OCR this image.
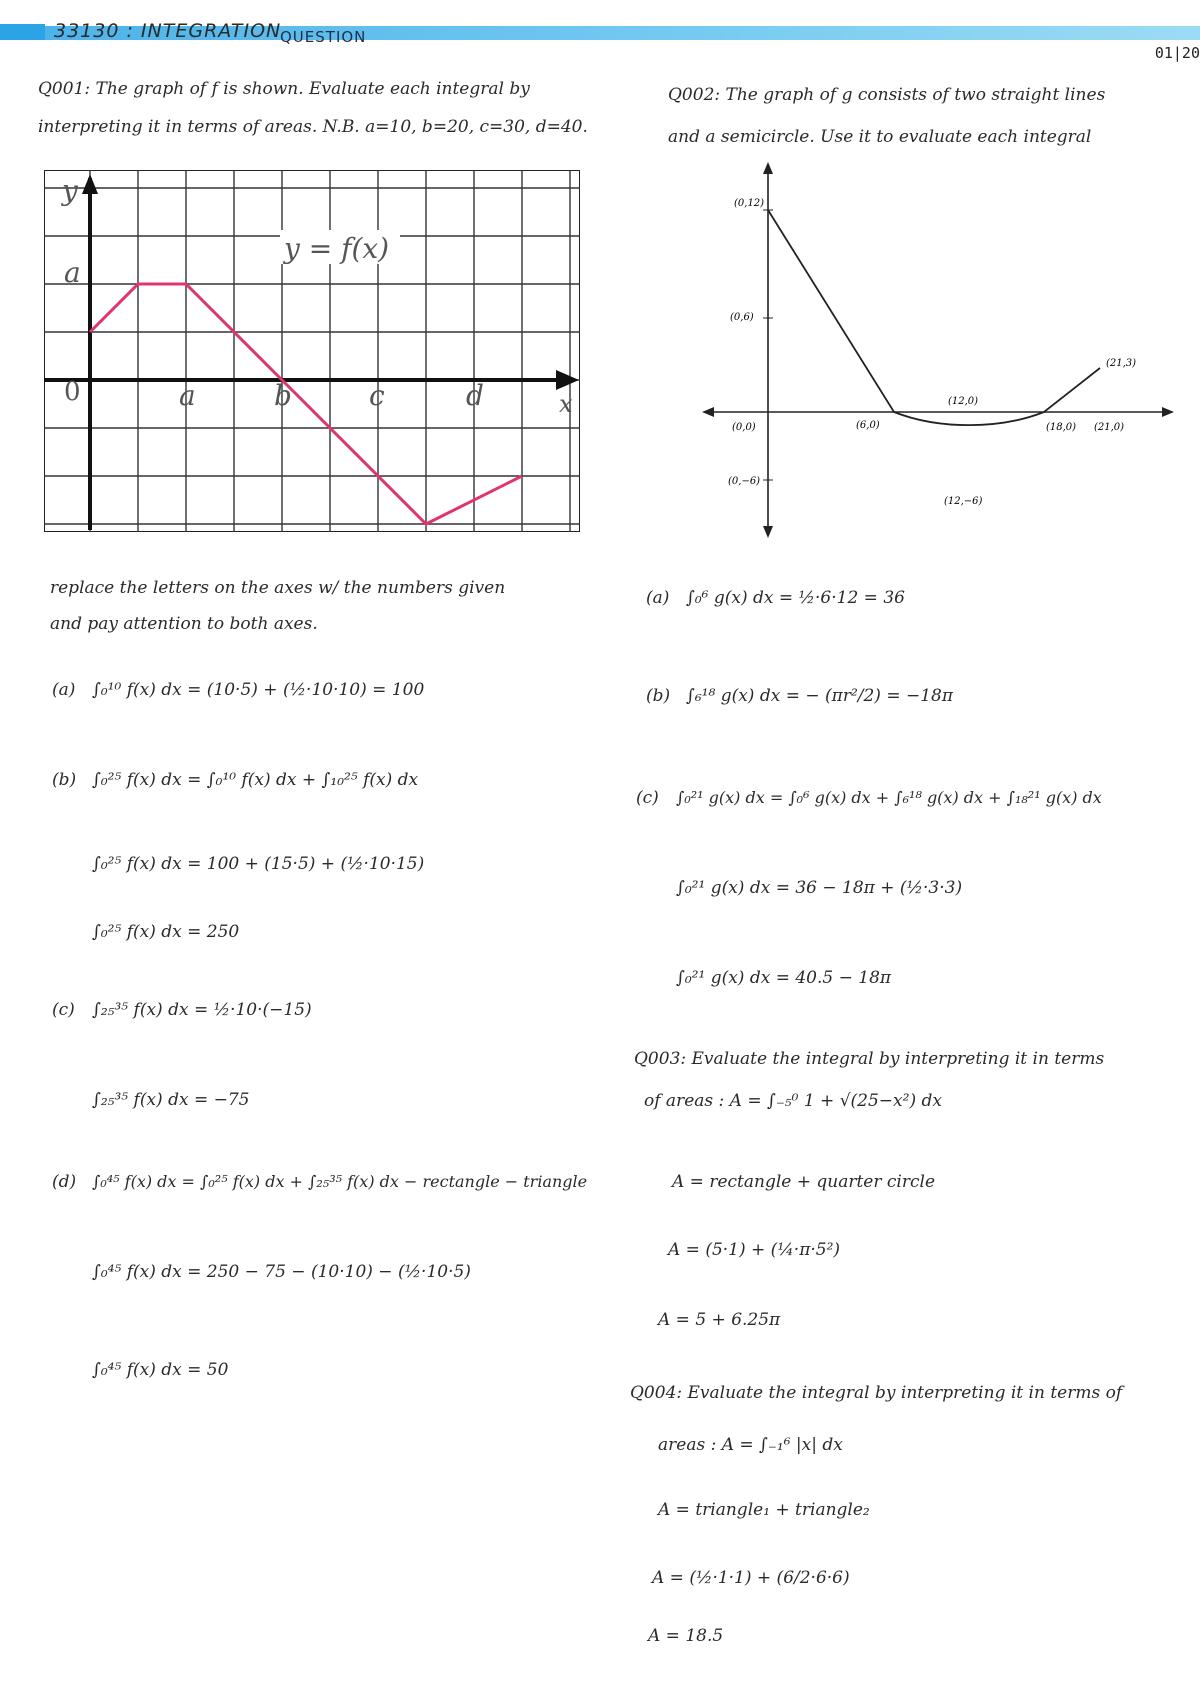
33130 : INTEGRATION
QUESTION
01|20
Q001: The graph of f is shown. Evaluate each integral by
interpreting it in terms of areas. N.B. a=10, b=20, c=30, d=40.
y
0	x
a
a	b	c	d
y = f(x)
replace the letters on the axes w/ the numbers given
and pay attention to both axes.
(a) ∫₀¹⁰ f(x) dx = (10·5) + (½·10·10) = 100
(b) ∫₀²⁵ f(x) dx = ∫₀¹⁰ f(x) dx + ∫₁₀²⁵ f(x) dx
∫₀²⁵ f(x) dx = 100 + (15·5) + (½·10·15)
∫₀²⁵ f(x) dx = 250
(c) ∫₂₅³⁵ f(x) dx = ½·10·(−15)
∫₂₅³⁵ f(x) dx = −75
(d) ∫₀⁴⁵ f(x) dx = ∫₀²⁵ f(x) dx + ∫₂₅³⁵ f(x) dx − rectangle − triangle
∫₀⁴⁵ f(x) dx = 250 − 75 − (10·10) − (½·10·5)
∫₀⁴⁵ f(x) dx = 50
Q002: The graph of g consists of two straight lines
and a semicircle. Use it to evaluate each integral
(0,12)
(0,6)
(0,0)
(0,−6)
(6,0)
(12,0)
(12,−6)
(18,0) (21,0)
(21,3)
(a) ∫₀⁶ g(x) dx = ½·6·12 = 36
(b) ∫₆¹⁸ g(x) dx = − (πr²/2) = −18π
(c) ∫₀²¹ g(x) dx = ∫₀⁶ g(x) dx + ∫₆¹⁸ g(x) dx + ∫₁₈²¹ g(x) dx
∫₀²¹ g(x) dx = 36 − 18π + (½·3·3)
∫₀²¹ g(x) dx = 40.5 − 18π
Q003: Evaluate the integral by interpreting it in terms
of areas : A = ∫₋₅⁰ 1 + √(25−x²) dx
A = rectangle + quarter circle
A = (5·1) + (¼·π·5²)
A = 5 + 6.25π
Q004: Evaluate the integral by interpreting it in terms of
areas : A = ∫₋₁⁶ |x| dx
A = triangle₁ + triangle₂
A = (½·1·1) + (6/2·6·6)
A = 18.5
